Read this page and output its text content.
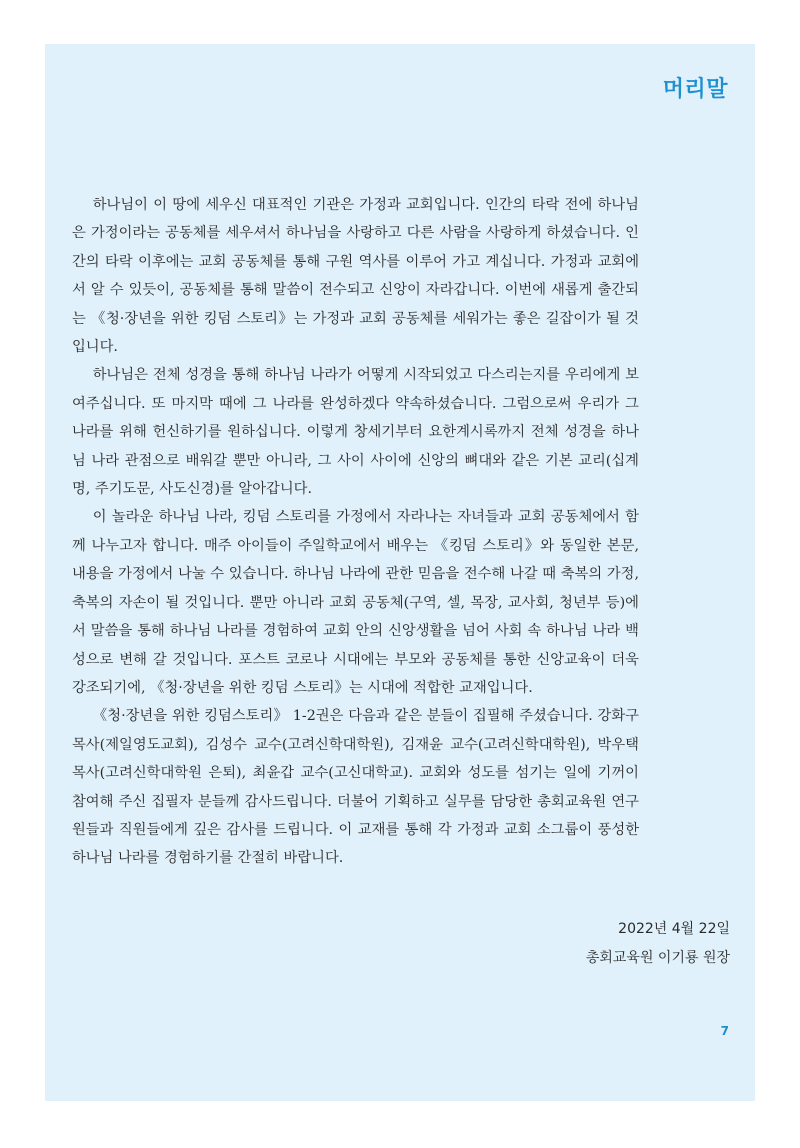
머리말

하나님이 이 땅에 세우신 대표적인 기관은 가정과 교회입니다. 인간의 타락 전에 하나님은 가정이라는 공동체를 세우셔서 하나님을 사랑하고 다른 사람을 사랑하게 하셨습니다. 인간의 타락 이후에는 교회 공동체를 통해 구원 역사를 이루어 가고 계십니다. 가정과 교회에서 알 수 있듯이, 공동체를 통해 말씀이 전수되고 신앙이 자라갑니다. 이번에 새롭게 출간되는 《청·장년을 위한 킹덤 스토리》는 가정과 교회 공동체를 세워가는 좋은 길잡이가 될 것입니다.

하나님은 전체 성경을 통해 하나님 나라가 어떻게 시작되었고 다스리는지를 우리에게 보여주십니다. 또 마지막 때에 그 나라를 완성하겠다 약속하셨습니다. 그럼으로써 우리가 그 나라를 위해 헌신하기를 원하십니다. 이렇게 창세기부터 요한계시록까지 전체 성경을 하나님 나라 관점으로 배워갈 뿐만 아니라, 그 사이 사이에 신앙의 뼈대와 같은 기본 교리(십계명, 주기도문, 사도신경)를 알아갑니다.

이 놀라운 하나님 나라, 킹덤 스토리를 가정에서 자라나는 자녀들과 교회 공동체에서 함께 나누고자 합니다. 매주 아이들이 주일학교에서 배우는 《킹덤 스토리》와 동일한 본문, 내용을 가정에서 나눌 수 있습니다. 하나님 나라에 관한 믿음을 전수해 나갈 때 축복의 가정, 축복의 자손이 될 것입니다. 뿐만 아니라 교회 공동체(구역, 셀, 목장, 교사회, 청년부 등)에서 말씀을 통해 하나님 나라를 경험하여 교회 안의 신앙생활을 넘어 사회 속 하나님 나라 백성으로 변해 갈 것입니다. 포스트 코로나 시대에는 부모와 공동체를 통한 신앙교육이 더욱 강조되기에, 《청·장년을 위한 킹덤 스토리》는 시대에 적합한 교재입니다.

《청·장년을 위한 킹덤스토리》 1-2권은 다음과 같은 분들이 집필해 주셨습니다. 강화구 목사(제일영도교회), 김성수 교수(고려신학대학원), 김재윤 교수(고려신학대학원), 박우택 목사(고려신학대학원 은퇴), 최윤갑 교수(고신대학교). 교회와 성도를 섬기는 일에 기꺼이 참여해 주신 집필자 분들께 감사드립니다. 더불어 기획하고 실무를 담당한 총회교육원 연구원들과 직원들에게 깊은 감사를 드립니다. 이 교재를 통해 각 가정과 교회 소그룹이 풍성한 하나님 나라를 경험하기를 간절히 바랍니다.

2022년 4월 22일
총회교육원 이기룡 원장
7
